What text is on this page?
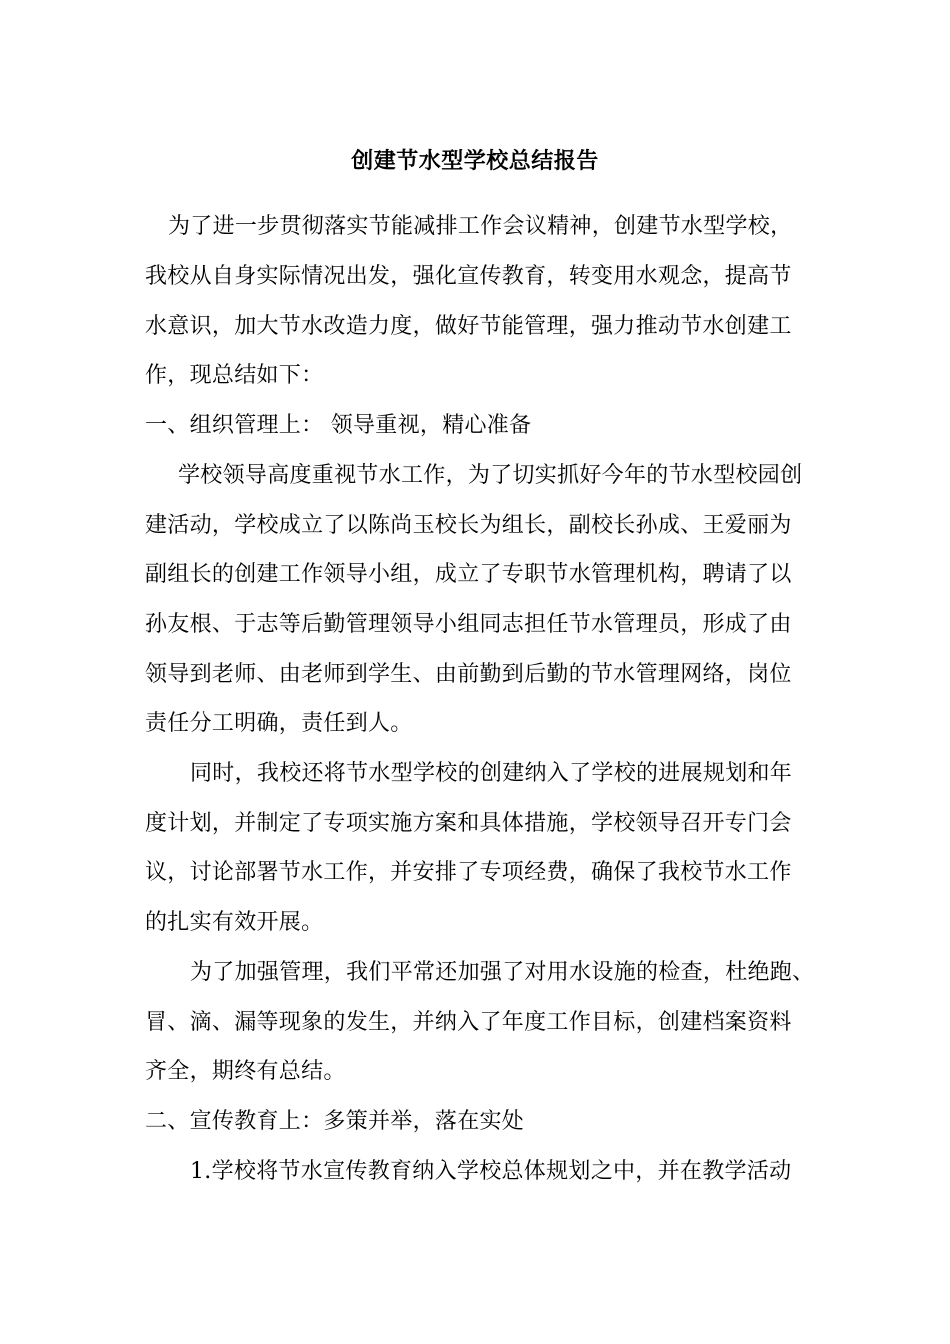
创建节水型学校总结报告
为了进一步贯彻落实节能减排工作会议精神，创建节水型学校，
我校从自身实际情况出发，强化宣传教育，转变用水观念，提高节
水意识，加大节水改造力度，做好节能管理，强力推动节水创建工
作，现总结如下：
一、组织管理上： 领导重视，精心准备
学校领导高度重视节水工作，为了切实抓好今年的节水型校园创
建活动，学校成立了以陈尚玉校长为组长，副校长孙成、王爱丽为
副组长的创建工作领导小组，成立了专职节水管理机构，聘请了以
孙友根、于志等后勤管理领导小组同志担任节水管理员，形成了由
领导到老师、由老师到学生、由前勤到后勤的节水管理网络，岗位
责任分工明确，责任到人。
同时，我校还将节水型学校的创建纳入了学校的进展规划和年
度计划，并制定了专项实施方案和具体措施，学校领导召开专门会
议，讨论部署节水工作，并安排了专项经费，确保了我校节水工作
的扎实有效开展。
为了加强管理，我们平常还加强了对用水设施的检查，杜绝跑、
冒、滴、漏等现象的发生，并纳入了年度工作目标，创建档案资料
齐全，期终有总结。
二、宣传教育上：多策并举，落在实处
1.学校将节水宣传教育纳入学校总体规划之中，并在教学活动
